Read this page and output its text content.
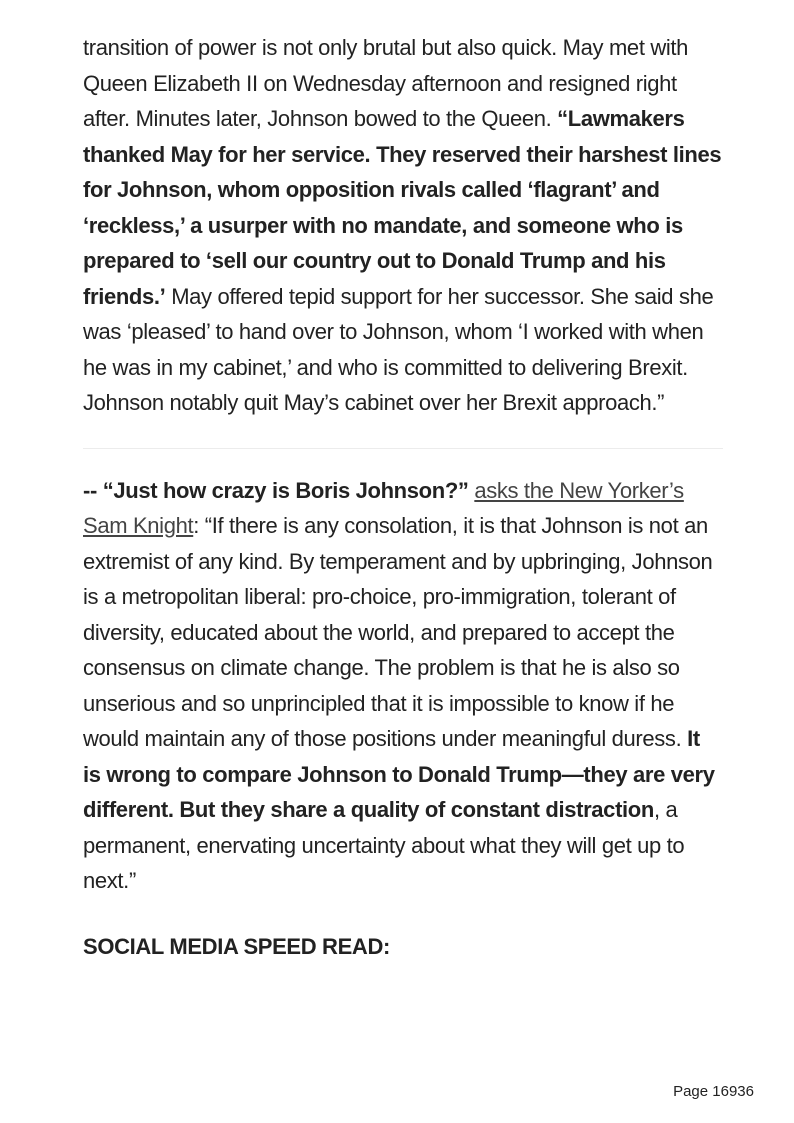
transition of power is not only brutal but also quick. May met with Queen Elizabeth II on Wednesday afternoon and resigned right after. Minutes later, Johnson bowed to the Queen. “Lawmakers thanked May for her service. They reserved their harshest lines for Johnson, whom opposition rivals called ‘flagrant’ and ‘reckless,’ a usurper with no mandate, and someone who is prepared to ‘sell our country out to Donald Trump and his friends.’ May offered tepid support for her successor. She said she was ‘pleased’ to hand over to Johnson, whom ‘I worked with when he was in my cabinet,’ and who is committed to delivering Brexit. Johnson notably quit May’s cabinet over her Brexit approach.”

-- “Just how crazy is Boris Johnson?” asks the New Yorker’s Sam Knight: “If there is any consolation, it is that Johnson is not an extremist of any kind. By temperament and by upbringing, Johnson is a metropolitan liberal: pro-choice, pro-immigration, tolerant of diversity, educated about the world, and prepared to accept the consensus on climate change. The problem is that he is also so unserious and so unprincipled that it is impossible to know if he would maintain any of those positions under meaningful duress. It is wrong to compare Johnson to Donald Trump—they are very different. But they share a quality of constant distraction, a permanent, enervating uncertainty about what they will get up to next.”

SOCIAL MEDIA SPEED READ:
Page 16936
